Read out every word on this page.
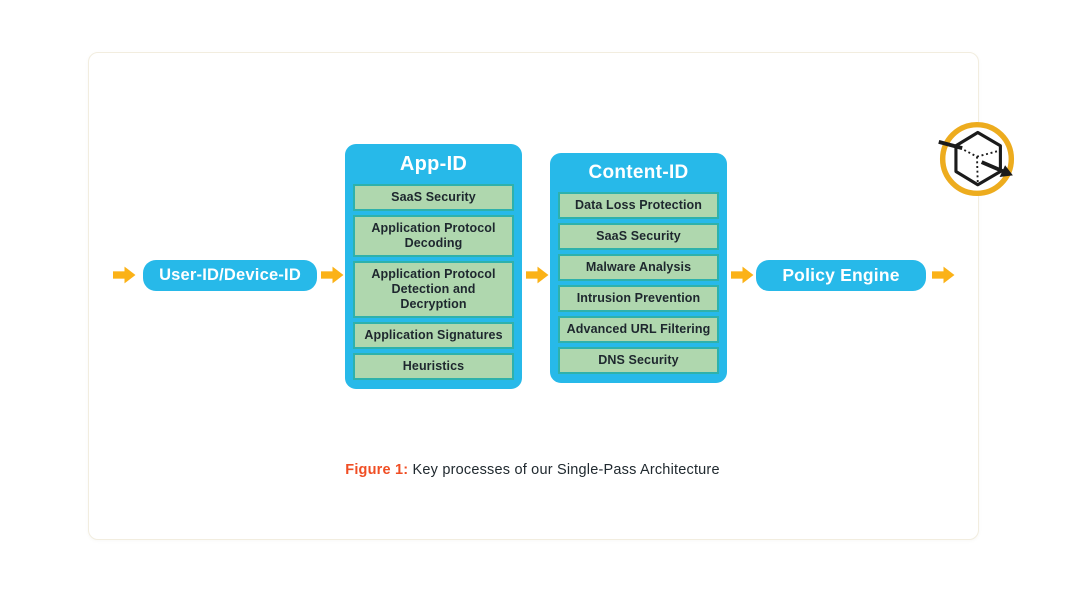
User-ID/Device-ID
App-ID
SaaS Security
Application Protocol Decoding
Application Protocol Detection and Decryption
Application Signatures
Heuristics
Content-ID
Data Loss Protection
SaaS Security
Malware Analysis
Intrusion Prevention
Advanced URL Filtering
DNS Security
Policy Engine
Figure 1: Key processes of our Single-Pass Architecture
